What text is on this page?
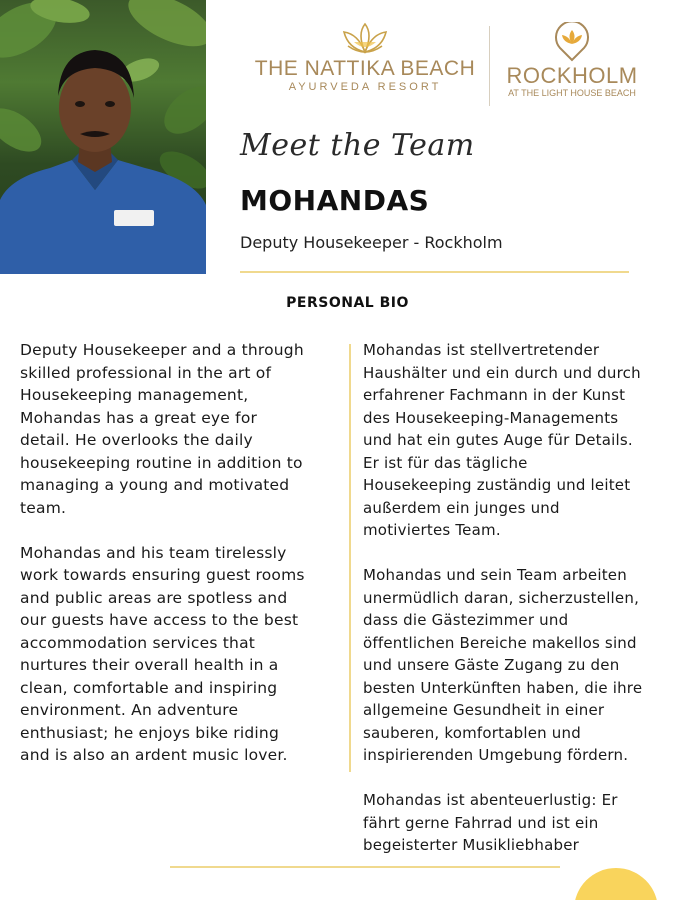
THE NATTIKA BEACH
AYURVEDA RESORT	ROCKHOLM
AT THE LIGHT HOUSE BEACH
Meet the Team
MOHANDAS
Deputy Housekeeper - Rockholm
PERSONAL BIO

Deputy Housekeeper and a through
skilled professional in the art of
Housekeeping management,
Mohandas has a great eye for
detail. He overlooks the daily
housekeeping routine in addition to
managing a young and motivated
team.

Mohandas and his team tirelessly
work towards ensuring guest rooms
and public areas are spotless and
our guests have access to the best
accommodation services that
nurtures their overall health in a
clean, comfortable and inspiring
environment. An adventure
enthusiast; he enjoys bike riding
and is also an ardent music lover.

Mohandas ist stellvertretender
Haushälter und ein durch und durch
erfahrener Fachmann in der Kunst
des Housekeeping-Managements
und hat ein gutes Auge für Details.
Er ist für das tägliche
Housekeeping zuständig und leitet
außerdem ein junges und
motiviertes Team.

Mohandas und sein Team arbeiten
unermüdlich daran, sicherzustellen,
dass die Gästezimmer und
öffentlichen Bereiche makellos sind
und unsere Gäste Zugang zu den
besten Unterkünften haben, die ihre
allgemeine Gesundheit in einer
sauberen, komfortablen und
inspirierenden Umgebung fördern.

Mohandas ist abenteuerlustig: Er
fährt gerne Fahrrad und ist ein
begeisterter Musikliebhaber
